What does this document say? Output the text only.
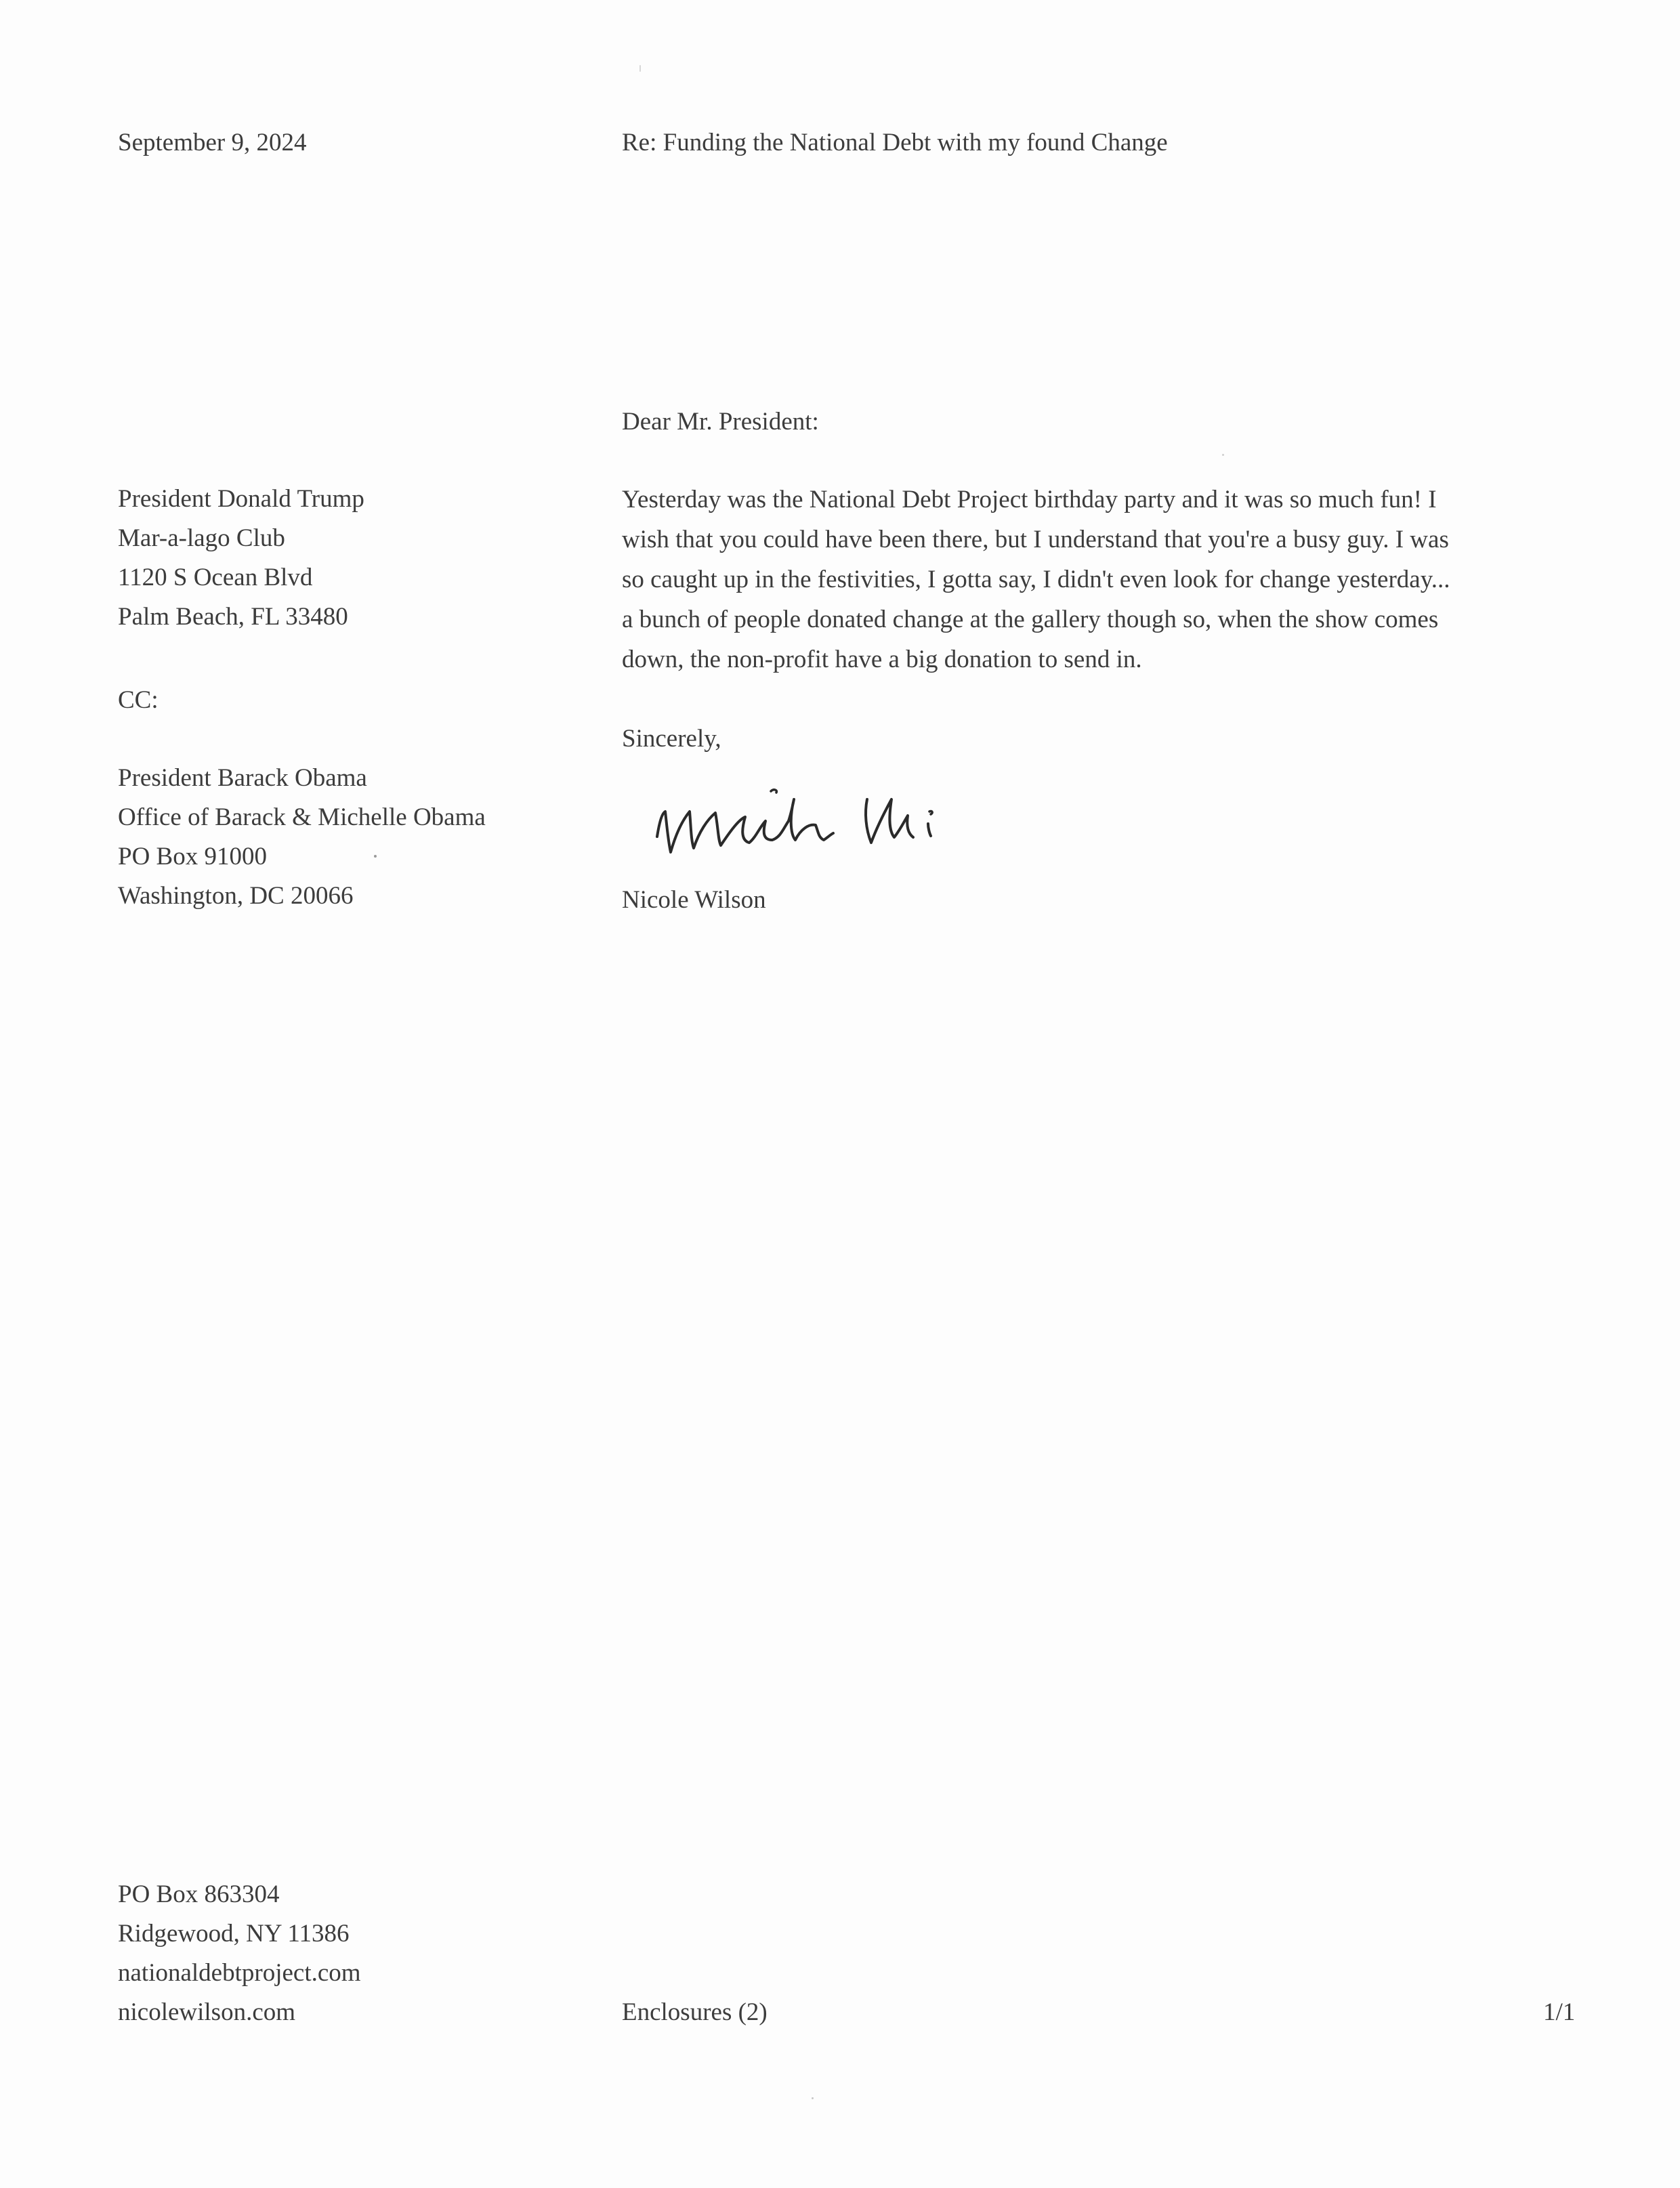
September 9, 2024	Re: Funding the National Debt with my found Change
Dear Mr. President:
President Donald Trump
Mar-a-lago Club
1120 S Ocean Blvd
Palm Beach, FL 33480
CC:
President Barack Obama
Office of Barack & Michelle Obama
PO Box 91000
Washington, DC 20066
Yesterday was the National Debt Project birthday party and it was so much fun! I
wish that you could have been there, but I understand that you're a busy guy. I was
so caught up in the festivities, I gotta say, I didn't even look for change yesterday...
a bunch of people donated change at the gallery though so, when the show comes
down, the non-profit have a big donation to send in.
Sincerely,
Nicole Wilson
PO Box 863304
Ridgewood, NY 11386
nationaldebtproject.com
nicolewilson.com	Enclosures (2)	1/1
